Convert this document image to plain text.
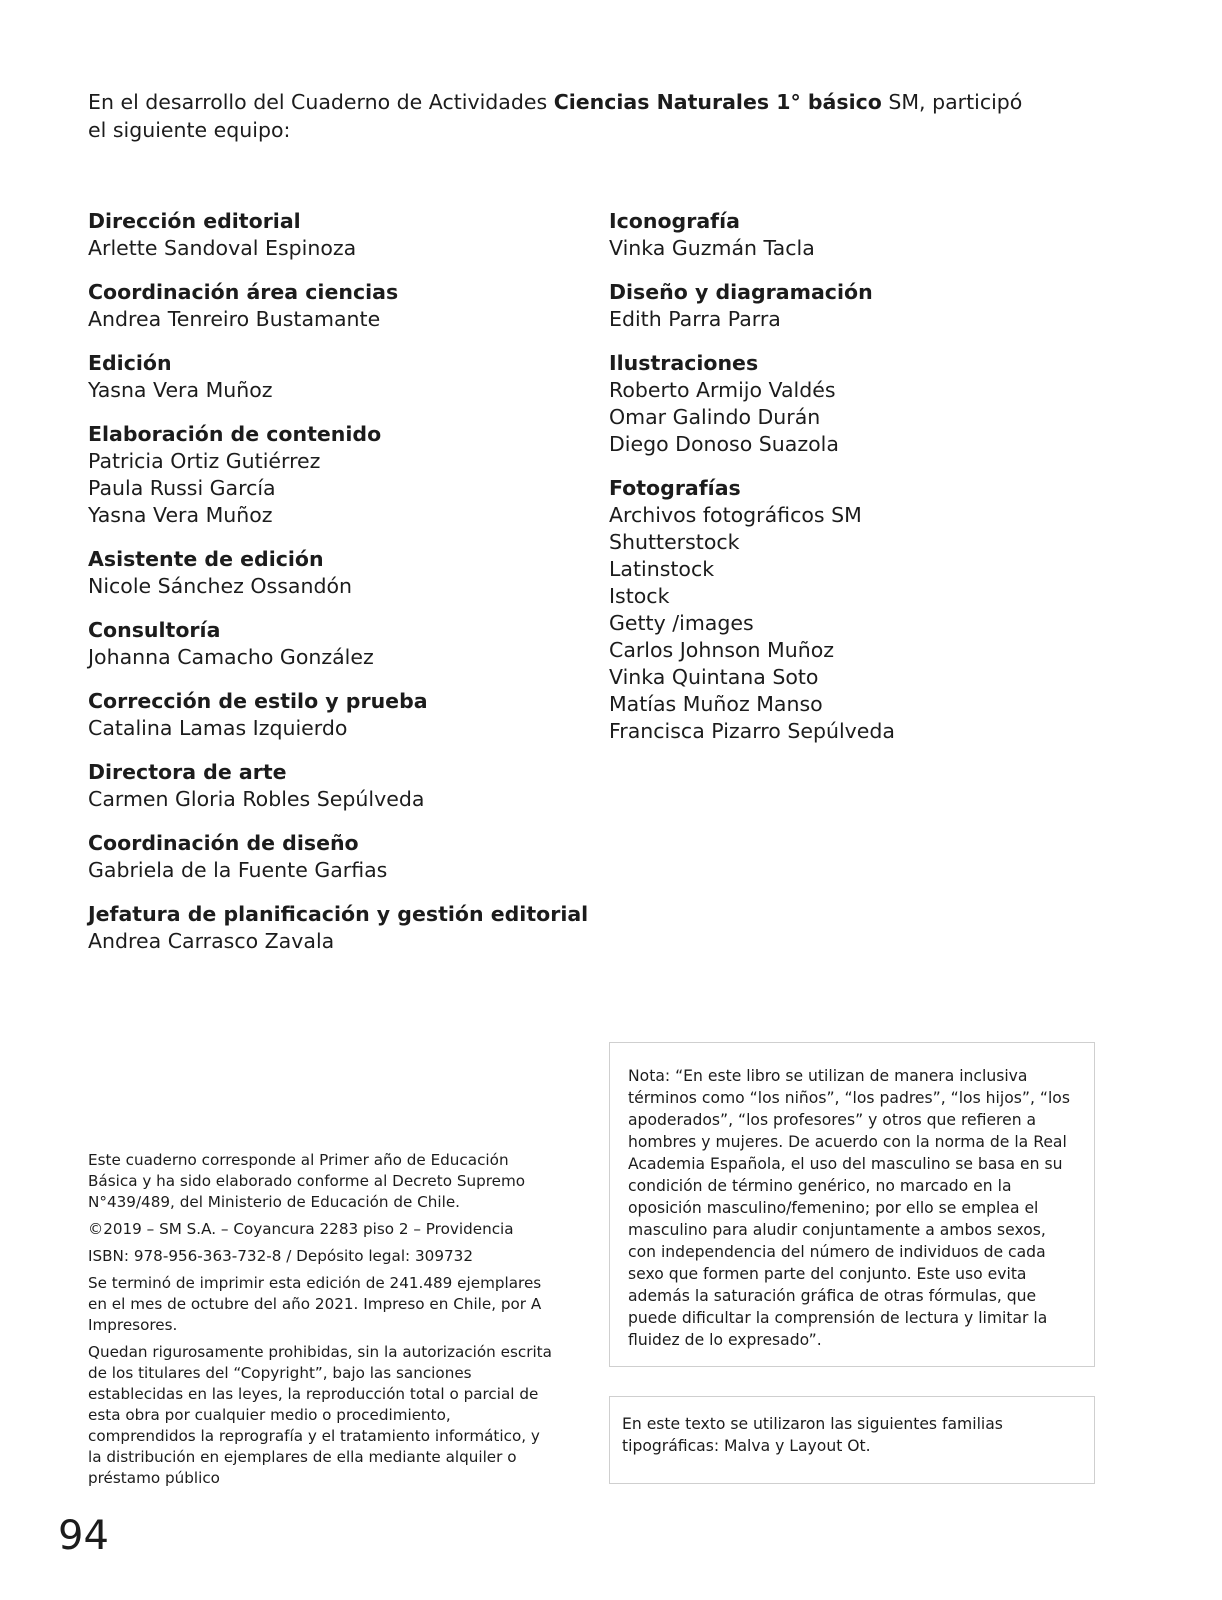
En el desarrollo del Cuaderno de Actividades Ciencias Naturales 1° básico SM, participó el siguiente equipo:
Dirección editorial
Arlette Sandoval Espinoza
Coordinación área ciencias
Andrea Tenreiro Bustamante
Edición
Yasna Vera Muñoz
Elaboración de contenido
Patricia Ortiz Gutiérrez
Paula Russi García
Yasna Vera Muñoz
Asistente de edición
Nicole Sánchez Ossandón
Consultoría
Johanna Camacho González
Corrección de estilo y prueba
Catalina Lamas Izquierdo
Directora de arte
Carmen Gloria Robles Sepúlveda
Coordinación de diseño
Gabriela de la Fuente Garfias
Jefatura de planificación y gestión editorial
Andrea Carrasco Zavala
Iconografía
Vinka Guzmán Tacla
Diseño y diagramación
Edith Parra Parra
Ilustraciones
Roberto Armijo Valdés
Omar Galindo Durán
Diego Donoso Suazola
Fotografías
Archivos fotográficos SM
Shutterstock
Latinstock
Istock
Getty /images
Carlos Johnson Muñoz
Vinka Quintana Soto
Matías Muñoz Manso
Francisca Pizarro Sepúlveda

Este cuaderno corresponde al Primer año de Educación Básica y ha sido elaborado conforme al Decreto Supremo N°439/489, del Ministerio de Educación de Chile.

©2019 – SM S.A. – Coyancura 2283 piso 2 – Providencia

ISBN: 978-956-363-732-8 / Depósito legal: 309732

Se terminó de imprimir esta edición de 241.489 ejemplares en el mes de octubre del año 2021. Impreso en Chile, por A Impresores.

Quedan rigurosamente prohibidas, sin la autorización escrita de los titulares del “Copyright”, bajo las sanciones establecidas en las leyes, la reproducción total o parcial de esta obra por cualquier medio o procedimiento, comprendidos la reprografía y el tratamiento informático, y la distribución en ejemplares de ella mediante alquiler o préstamo público

Nota: “En este libro se utilizan de manera inclusiva términos como “los niños”, “los padres”, “los hijos”, “los apoderados”, “los profesores” y otros que refieren a hombres y mujeres. De acuerdo con la norma de la Real Academia Española, el uso del masculino se basa en su condición de término genérico, no marcado en la oposición masculino/femenino; por ello se emplea el masculino para aludir conjuntamente a ambos sexos, con independencia del número de individuos de cada sexo que formen parte del conjunto. Este uso evita además la saturación gráfica de otras fórmulas, que puede dificultar la comprensión de lectura y limitar la fluidez de lo expresado”.
En este texto se utilizaron las siguientes familias tipográficas: Malva y Layout Ot.
94
